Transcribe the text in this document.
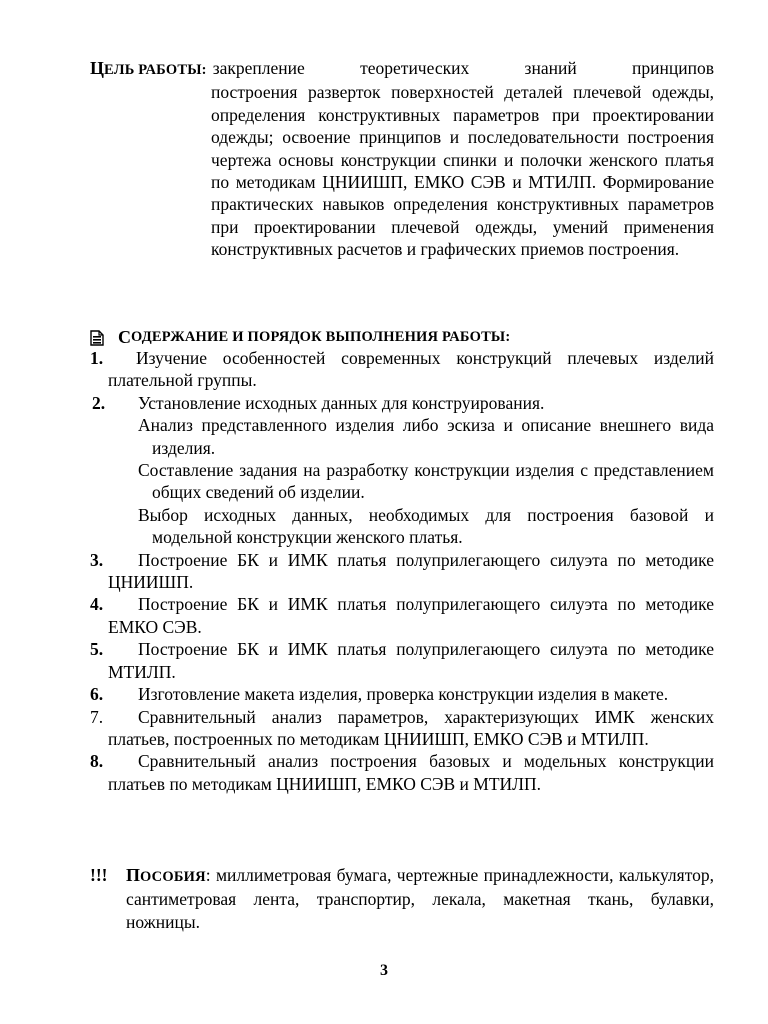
ЦЕЛЬ РАБОТЫ: закрепление теоретических знаний принципов
построения разверток поверхностей деталей плечевой одежды, определения конструктивных параметров при проектировании одежды; освоение принципов и последовательности построения чертежа основы конструкции спинки и полочки женского платья по методикам ЦНИИШП, ЕМКО СЭВ и МТИЛП. Формирование практических навыков определения конструктивных параметров при проектировании плечевой одежды, умений применения конструктивных расчетов и графических приемов построения.
С ОДЕРЖАНИЕ И ПОРЯДОК ВЫПОЛНЕНИЯ РАБОТЫ:
1.	Изучение особенностей современных конструкций плечевых изделий плательной группы.
2.	Установление исходных данных для конструирования.
Анализ представленного изделия либо эскиза и описание внешнего вида изделия.
Составление задания на разработку конструкции изделия с представлением общих сведений об изделии.
Выбор исходных данных, необходимых для построения базовой и модельной конструкции женского платья.
3.	Построение БК и ИМК платья полуприлегающего силуэта по методике ЦНИИШП.
4.	Построение БК и ИМК платья полуприлегающего силуэта по методике ЕМКО СЭВ.
5.	Построение БК и ИМК платья полуприлегающего силуэта по методике МТИЛП.
6.	Изготовление макета изделия, проверка конструкции изделия в макете.
7.	Сравнительный анализ параметров, характеризующих ИМК женских платьев, построенных по методикам ЦНИИШП, ЕМКО СЭВ и МТИЛП.
8.	Сравнительный анализ построения базовых и модельных конструкции платьев по методикам ЦНИИШП, ЕМКО СЭВ и МТИЛП.
!!!	ПОСОБИЯ: миллиметровая бумага, чертежные принадлежности, калькулятор, сантиметровая лента, транспортир, лекала, макетная ткань, булавки, ножницы.
3
